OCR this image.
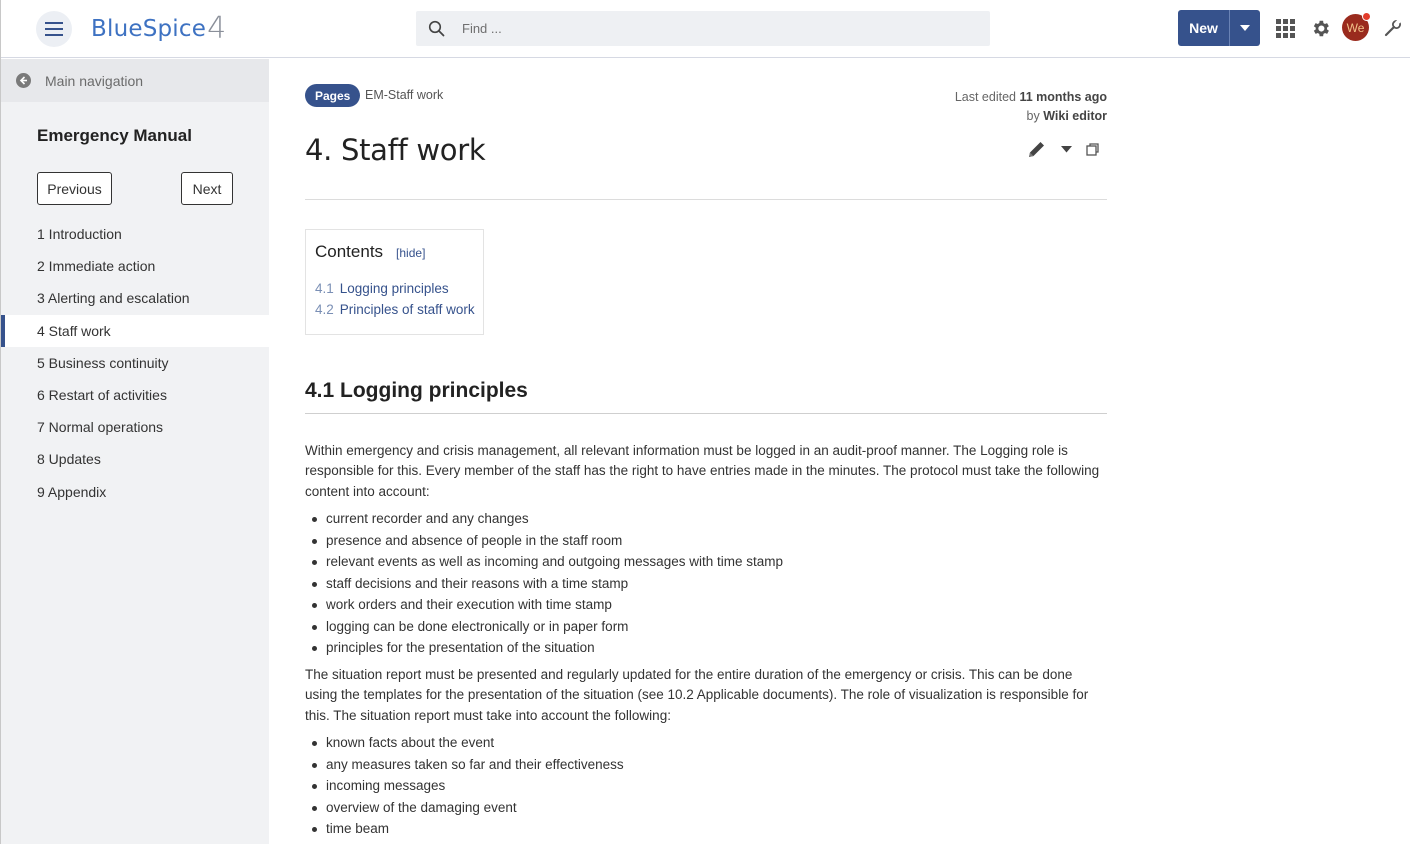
BlueSpice 4
Find ...	New	We
Main navigation
Emergency Manual
Previous	Next
1 Introduction
2 Immediate action
3 Alerting and escalation
4 Staff work
5 Business continuity
6 Restart of activities
7 Normal operations
8 Updates
9 Appendix
Pages	EM-Staff work	Last edited 11 months ago
by Wiki editor
4. Staff work
Contents [hide]
4.1 Logging principles
4.2 Principles of staff work
4.1 Logging principles

Within emergency and crisis management, all relevant information must be logged in an audit-proof manner. The Logging role is responsible for this. Every member of the staff has the right to have entries made in the minutes. The protocol must take the following content into account:

current recorder and any changes
presence and absence of people in the staff room
relevant events as well as incoming and outgoing messages with time stamp
staff decisions and their reasons with a time stamp
work orders and their execution with time stamp
logging can be done electronically or in paper form
principles for the presentation of the situation

The situation report must be presented and regularly updated for the entire duration of the emergency or crisis. This can be done using the templates for the presentation of the situation (see 10.2 Applicable documents). The role of visualization is responsible for this. The situation report must take into account the following:

known facts about the event
any measures taken so far and their effectiveness
incoming messages
overview of the damaging event
time beam
